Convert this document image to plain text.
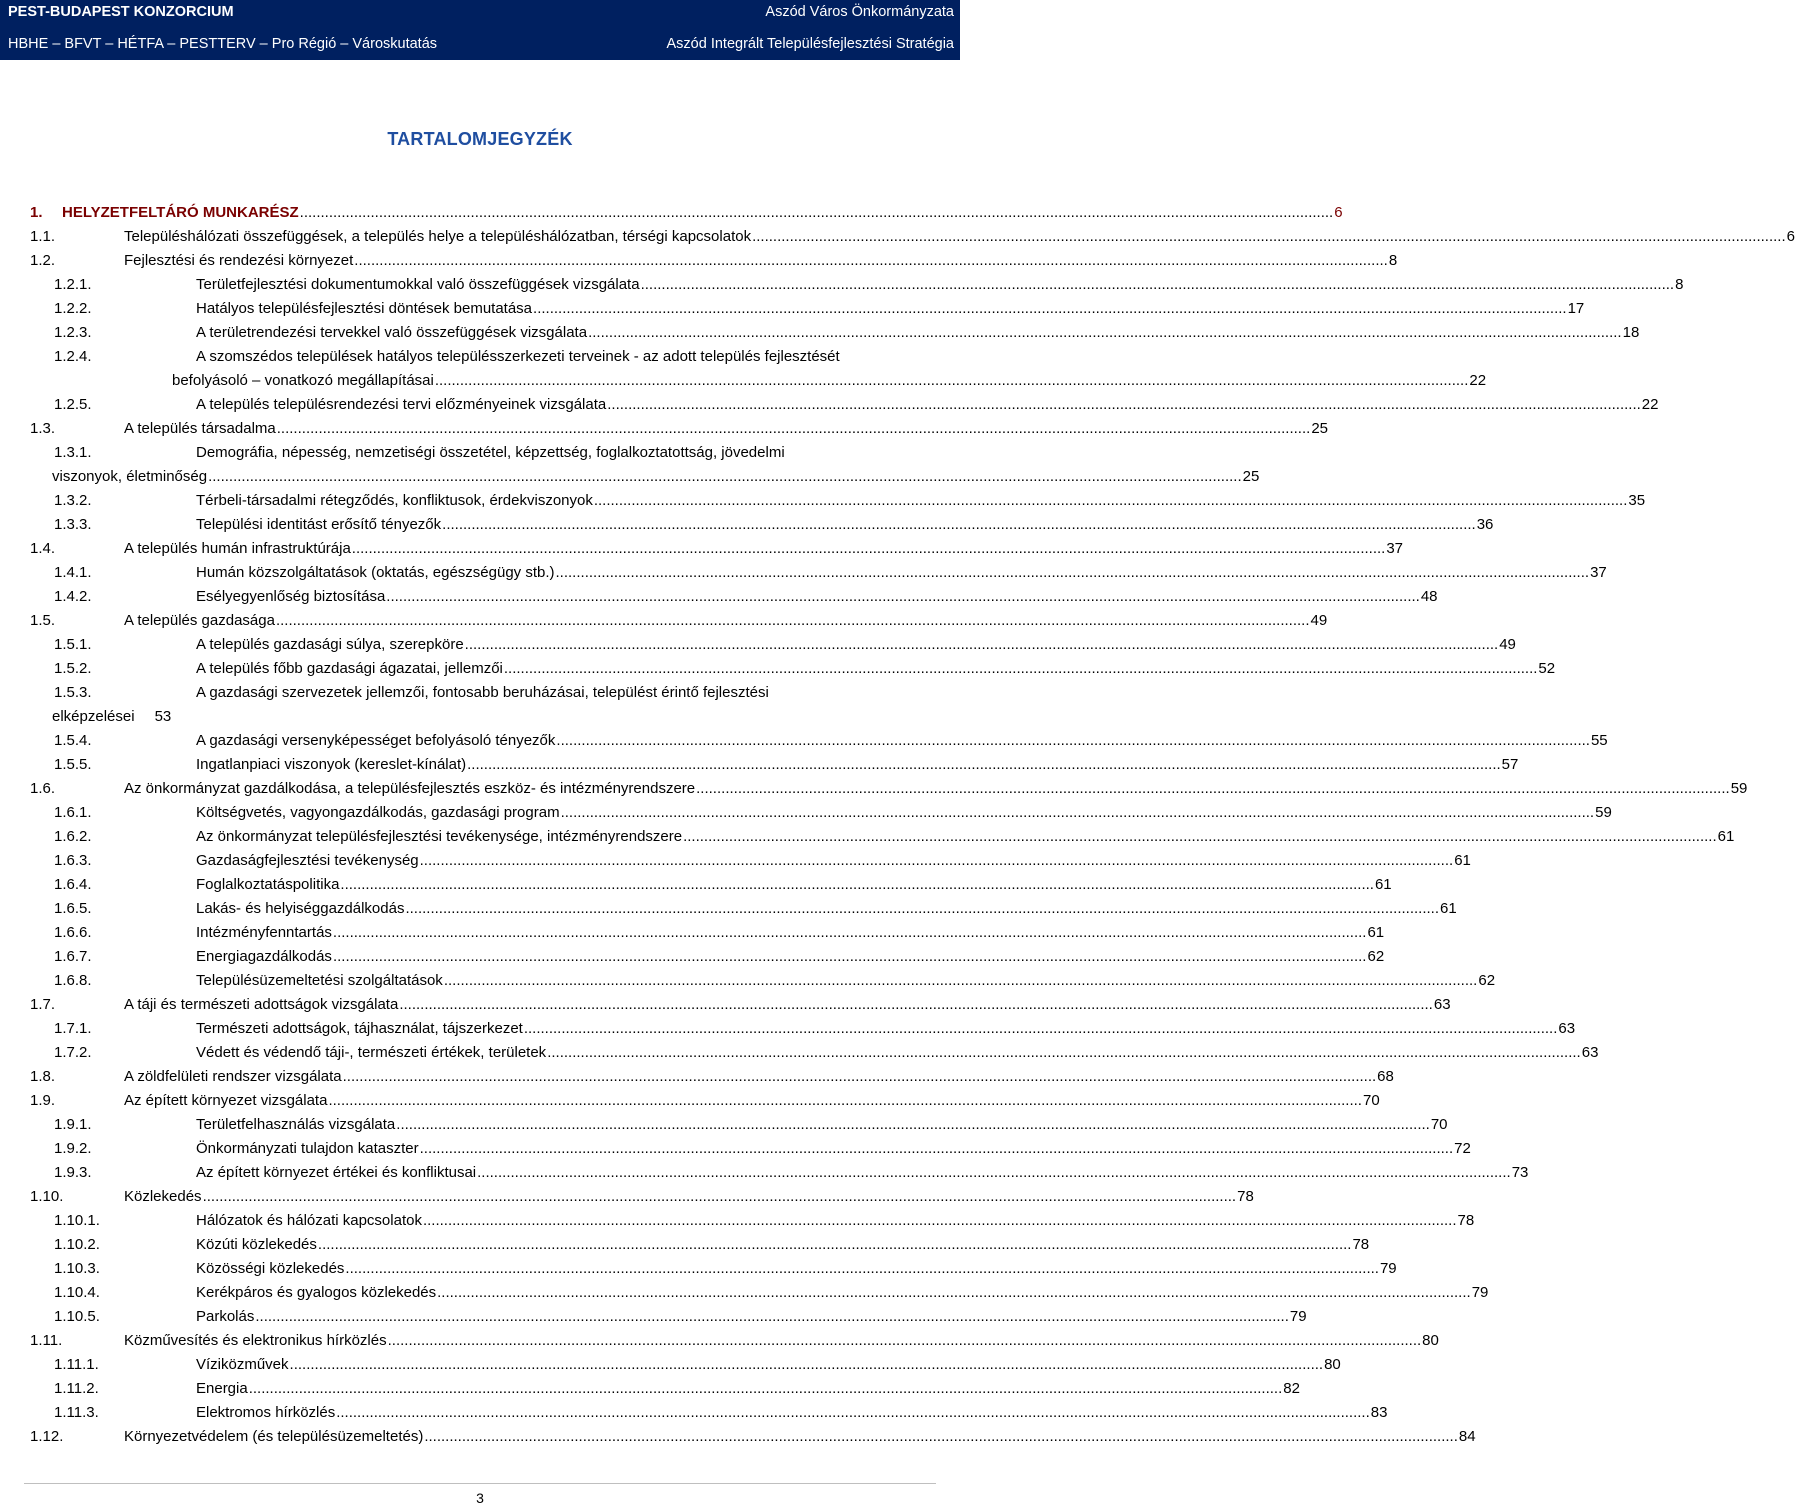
PEST-BUDAPEST KONZORCIUM	Aszód Város Önkormányzata
HBHE – BFVT – HÉTFA – PESTTERV – Pro Régió – Városkutatás	Aszód Integrált Településfejlesztési Stratégia
TARTALOMJEGYZÉK
1.	HELYZETFELTÁRÓ MUNKARÉSZ .....	6
1.1.	Településhálózati összefüggések, a település helye a településhálózatban, térségi kapcsolatok .....	6
1.2.	Fejlesztési és rendezési környezet .....	8
1.2.1.	Területfejlesztési dokumentumokkal való összefüggések vizsgálata .....	8
1.2.2.	Hatályos településfejlesztési döntések bemutatása .....	17
1.2.3.	A területrendezési tervekkel való összefüggések vizsgálata .....	18
1.2.4.	A szomszédos települések hatályos településszerkezeti terveinek - az adott település fejlesztését
befolyásoló – vonatkozó megállapításai .....	22
1.2.5.	A település településrendezési tervi előzményeinek vizsgálata .....	22
1.3.	A település társadalma .....	25
1.3.1.	Demográfia, népesség, nemzetiségi összetétel, képzettség, foglalkoztatottság, jövedelmi
viszonyok, életminőség .....	25
1.3.2.	Térbeli-társadalmi rétegződés, konfliktusok, érdekviszonyok .....	35
1.3.3.	Települési identitást erősítő tényezők .....	36
1.4.	A település humán infrastruktúrája .....	37
1.4.1.	Humán közszolgáltatások (oktatás, egészségügy stb.) .....	37
1.4.2.	Esélyegyenlőség biztosítása .....	48
1.5.	A település gazdasága .....	49
1.5.1.	A település gazdasági súlya, szerepköre .....	49
1.5.2.	A település főbb gazdasági ágazatai, jellemzői .....	52
1.5.3.	A gazdasági szervezetek jellemzői, fontosabb beruházásai, települést érintő fejlesztési
elképzelései 53
1.5.4.	A gazdasági versenyképességet befolyásoló tényezők .....	55
1.5.5.	Ingatlanpiaci viszonyok (kereslet-kínálat) .....	57
1.6.	Az önkormányzat gazdálkodása, a településfejlesztés eszköz- és intézményrendszere .....	59
1.6.1.	Költségvetés, vagyongazdálkodás, gazdasági program .....	59
1.6.2.	Az önkormányzat településfejlesztési tevékenysége, intézményrendszere .....	61
1.6.3.	Gazdaságfejlesztési tevékenység .....	61
1.6.4.	Foglalkoztatáspolitika .....	61
1.6.5.	Lakás- és helyiséggazdálkodás .....	61
1.6.6.	Intézményfenntartás .....	61
1.6.7.	Energiagazdálkodás .....	62
1.6.8.	Településüzemeltetési szolgáltatások .....	62
1.7.	A táji és természeti adottságok vizsgálata .....	63
1.7.1.	Természeti adottságok, tájhasználat, tájszerkezet .....	63
1.7.2.	Védett és védendő táji-, természeti értékek, területek .....	63
1.8.	A zöldfelületi rendszer vizsgálata .....	68
1.9.	Az épített környezet vizsgálata .....	70
1.9.1.	Területfelhasználás vizsgálata .....	70
1.9.2.	Önkormányzati tulajdon kataszter .....	72
1.9.3.	Az épített környezet értékei és konfliktusai .....	73
1.10.	Közlekedés .....	78
1.10.1.	Hálózatok és hálózati kapcsolatok .....	78
1.10.2.	Közúti közlekedés .....	78
1.10.3.	Közösségi közlekedés .....	79
1.10.4.	Kerékpáros és gyalogos közlekedés .....	79
1.10.5.	Parkolás .....	79
1.11.	Közművesítés és elektronikus hírközlés .....	80
1.11.1.	Víziközművek .....	80
1.11.2.	Energia .....	82
1.11.3.	Elektromos hírközlés .....	83
1.12.	Környezetvédelem (és településüzemeltetés) .....	84
3
